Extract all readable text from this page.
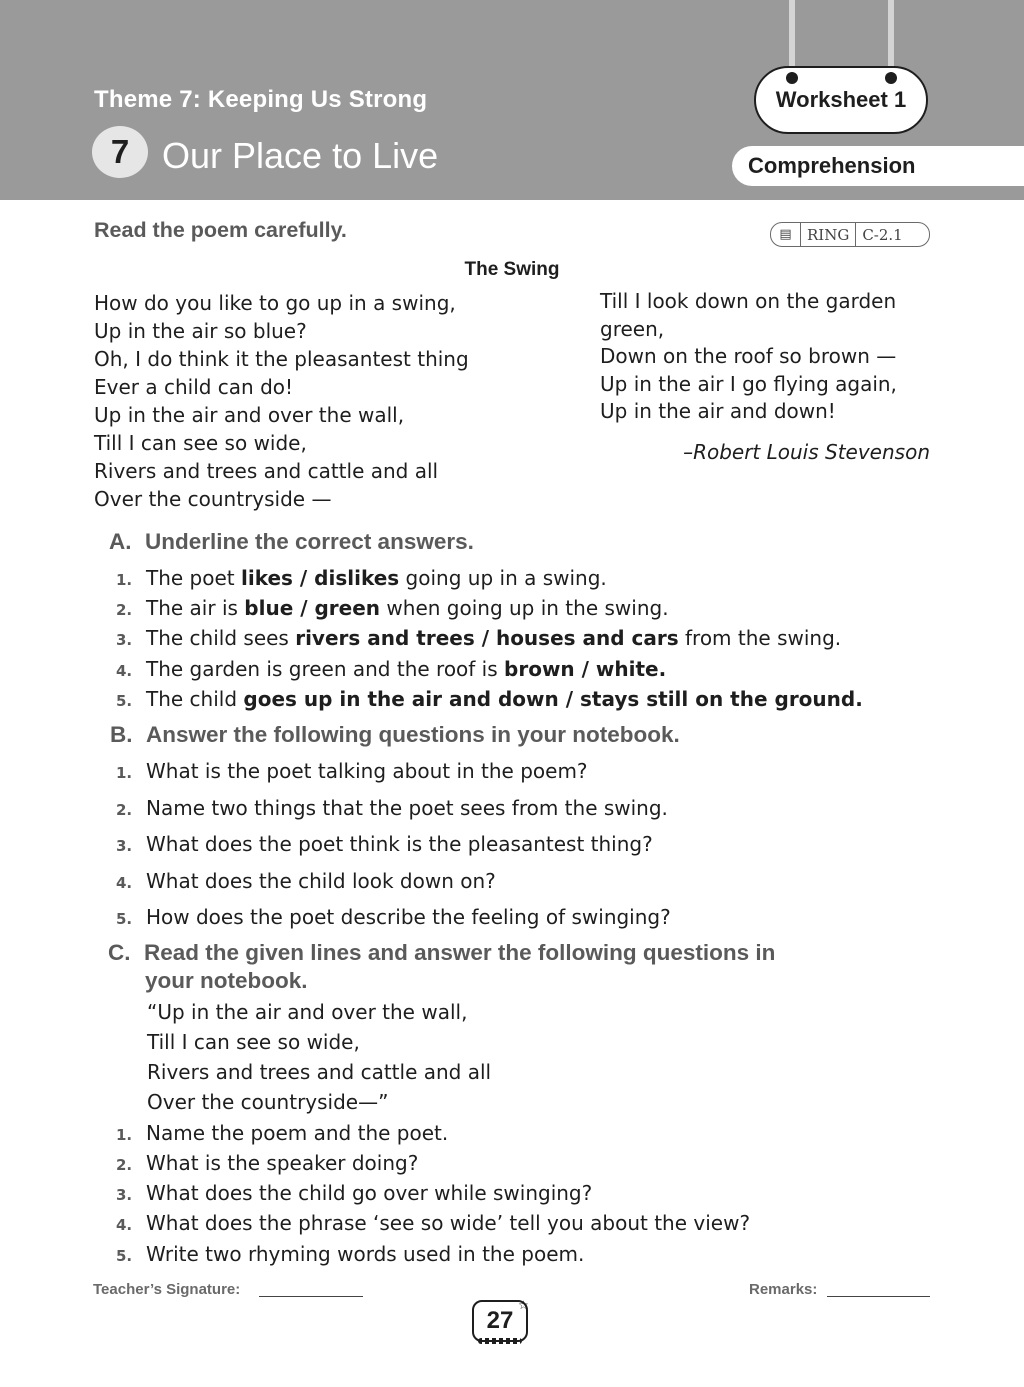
Theme 7: Keeping Us Strong
7 Our Place to Live
Worksheet 1
Comprehension
Read the poem carefully.	▤	RING C-2.1
The Swing
How do you like to go up in a swing,
Up in the air so blue?
Oh, I do think it the pleasantest thing
Ever a child can do!
Up in the air and over the wall,
Till I can see so wide,
Rivers and trees and cattle and all
Over the countryside —
Till I look down on the garden
green,
Down on the roof so brown —
Up in the air I go flying again,
Up in the air and down!
–Robert Louis Stevenson
A. Underline the correct answers.
1. The poet likes / dislikes going up in a swing.
2. The air is blue / green when going up in the swing.
3. The child sees rivers and trees / houses and cars from the swing.
4. The garden is green and the roof is brown / white.
5. The child goes up in the air and down / stays still on the ground.
B. Answer the following questions in your notebook.
1. What is the poet talking about in the poem?
2. Name two things that the poet sees from the swing.
3. What does the poet think is the pleasantest thing?
4. What does the child look down on?
5. How does the poet describe the feeling of swinging?
C. Read the given lines and answer the following questions in
your notebook.
“Up in the air and over the wall,
Till I can see so wide,
Rivers and trees and cattle and all
Over the countryside—”
1. Name the poem and the poet.
2. What is the speaker doing?
3. What does the child go over while swinging?
4. What does the phrase ‘see so wide’ tell you about the view?
5. Write two rhyming words used in the poem.
Teacher’s Signature:	Remarks:
27
☆
